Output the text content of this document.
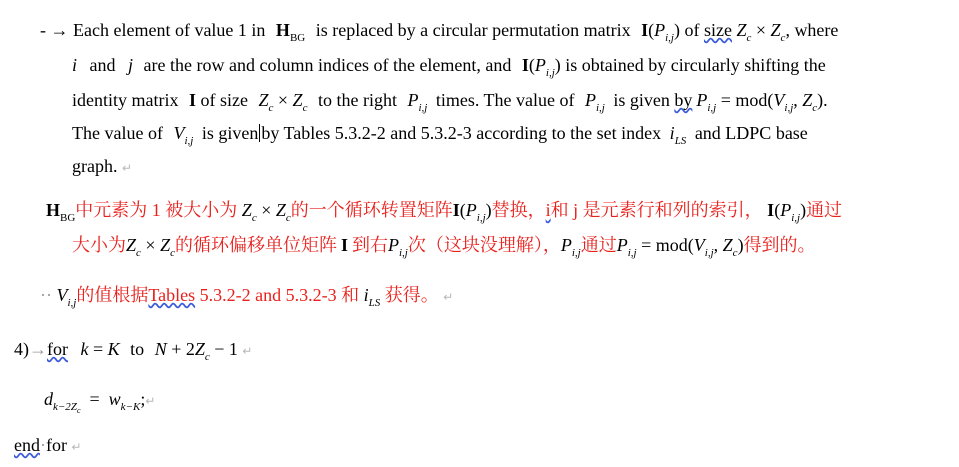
- → Each element of value 1 in $H_{BG}$ is replaced by a circular permutation matrix $I(P_{i,j})$ of size $Z_c \times Z_c$, where
i and j are the row and column indices of the element, and $I(P_{i,j})$ is obtained by circularly shifting the
identity matrix I of size $Z_c \times Z_c$ to the right $P_{i,j}$ times. The value of $P_{i,j}$ is given by $P_{i,j} = mod(V_{i,j}$, $Z_c$).
The value of $V_{i,j}$ is given by Tables 5.3.2-2 and 5.3.2-3 according to the set index $i_{LS}$ and LDPC base
graph. ↵
$H_{BG}$中元素为 1 被大小为 $Z_c \times Z_c$的一个循环转置矩阵$I(P_{i,j})$替换，i和 j 是元素行和列的索引， $I(P_{i,j})$通过
大小为$Z_c \times Z_c$的循环偏移单位矩阵 I 到右$P_{i,j}$次（这块没理解），$P_{i,j}$通过$P_{i,j} = mod(V_{i,j}$, $Z_c$)得到的。
·· $V_{i,j}$的值根据Tables 5.3.2-2 and 5.3.2-3 和 $i_{LS}$ 获得。 ↵
4)→for k = K to $N + 2Z_c - 1$ ↵
$d_{k-2Zc}$  = $w_{k-K};↵$
end·for ↵
